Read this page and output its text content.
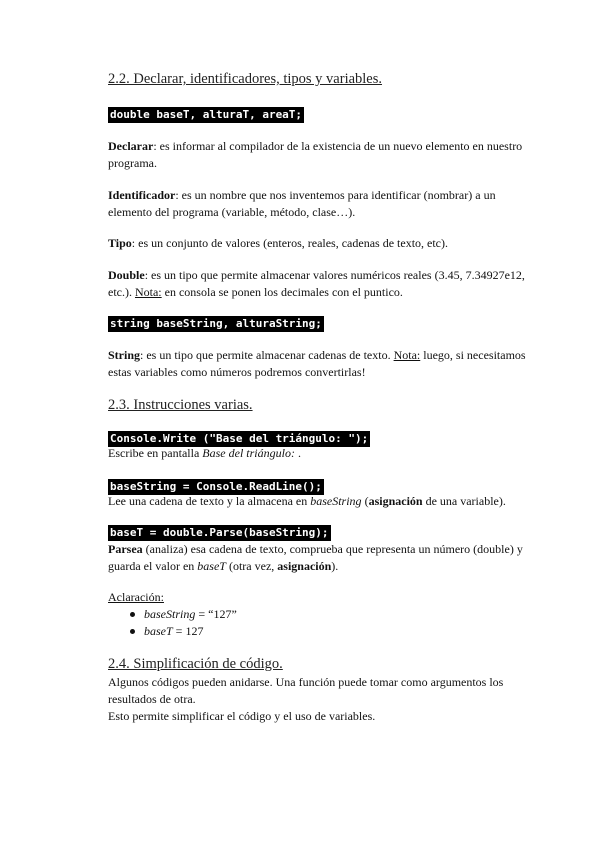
2.2. Declarar, identificadores, tipos y variables.
double baseT, alturaT, areaT;

Declarar: es informar al compilador de la existencia de un nuevo elemento en nuestro programa.

Identificador: es un nombre que nos inventemos para identificar (nombrar) a un elemento del programa (variable, método, clase…).

Tipo: es un conjunto de valores (enteros, reales, cadenas de texto, etc).

Double: es un tipo que permite almacenar valores numéricos reales (3.45, 7.34927e12, etc.). Nota: en consola se ponen los decimales con el puntico.

string baseString, alturaString;

String: es un tipo que permite almacenar cadenas de texto. Nota: luego, si necesitamos estas variables como números podremos convertirlas!

2.3. Instrucciones varias.
Console.Write ("Base del triángulo: ");

Escribe en pantalla Base del triángulo: .

baseString = Console.ReadLine();

Lee una cadena de texto y la almacena en baseString (asignación de una variable).

baseT = double.Parse(baseString);

Parsea (analiza) esa cadena de texto, comprueba que representa un número (double) y guarda el valor en baseT (otra vez, asignación).

Aclaración:

baseString = “127”
baseT = 127
2.4. Simplificación de código.

Algunos códigos pueden anidarse. Una función puede tomar como argumentos los resultados de otra.

Esto permite simplificar el código y el uso de variables.
